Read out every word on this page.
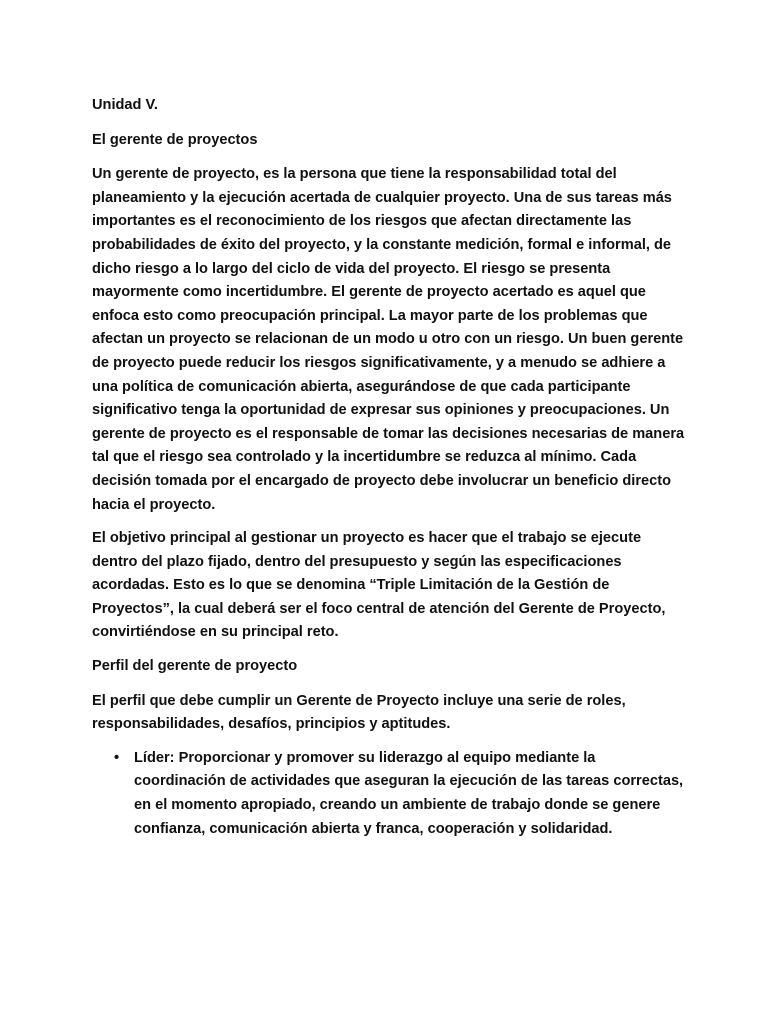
Unidad V.

El gerente de proyectos

Un gerente de proyecto, es la persona que tiene la responsabilidad total del planeamiento y la ejecución acertada de cualquier proyecto. Una de sus tareas más importantes es el reconocimiento de los riesgos que afectan directamente las probabilidades de éxito del proyecto, y la constante medición, formal e informal, de dicho riesgo a lo largo del ciclo de vida del proyecto. El riesgo se presenta mayormente como incertidumbre. El gerente de proyecto acertado es aquel que enfoca esto como preocupación principal. La mayor parte de los problemas que afectan un proyecto se relacionan de un modo u otro con un riesgo. Un buen gerente de proyecto puede reducir los riesgos significativamente, y a menudo se adhiere a una política de comunicación abierta, asegurándose de que cada participante significativo tenga la oportunidad de expresar sus opiniones y preocupaciones. Un gerente de proyecto es el responsable de tomar las decisiones necesarias de manera tal que el riesgo sea controlado y la incertidumbre se reduzca al mínimo. Cada decisión tomada por el encargado de proyecto debe involucrar un beneficio directo hacia el proyecto.

El objetivo principal al gestionar un proyecto es hacer que el trabajo se ejecute dentro del plazo fijado, dentro del presupuesto y según las especificaciones acordadas. Esto es lo que se denomina “Triple Limitación de la Gestión de Proyectos”, la cual deberá ser el foco central de atención del Gerente de Proyecto, convirtiéndose en su principal reto.

Perfil del gerente de proyecto

El perfil que debe cumplir un Gerente de Proyecto incluye una serie de roles, responsabilidades, desafíos, principios y aptitudes.

• Líder: Proporcionar y promover su liderazgo al equipo mediante la coordinación de actividades que aseguran la ejecución de las tareas correctas, en el momento apropiado, creando un ambiente de trabajo donde se genere confianza, comunicación abierta y franca, cooperación y solidaridad.
